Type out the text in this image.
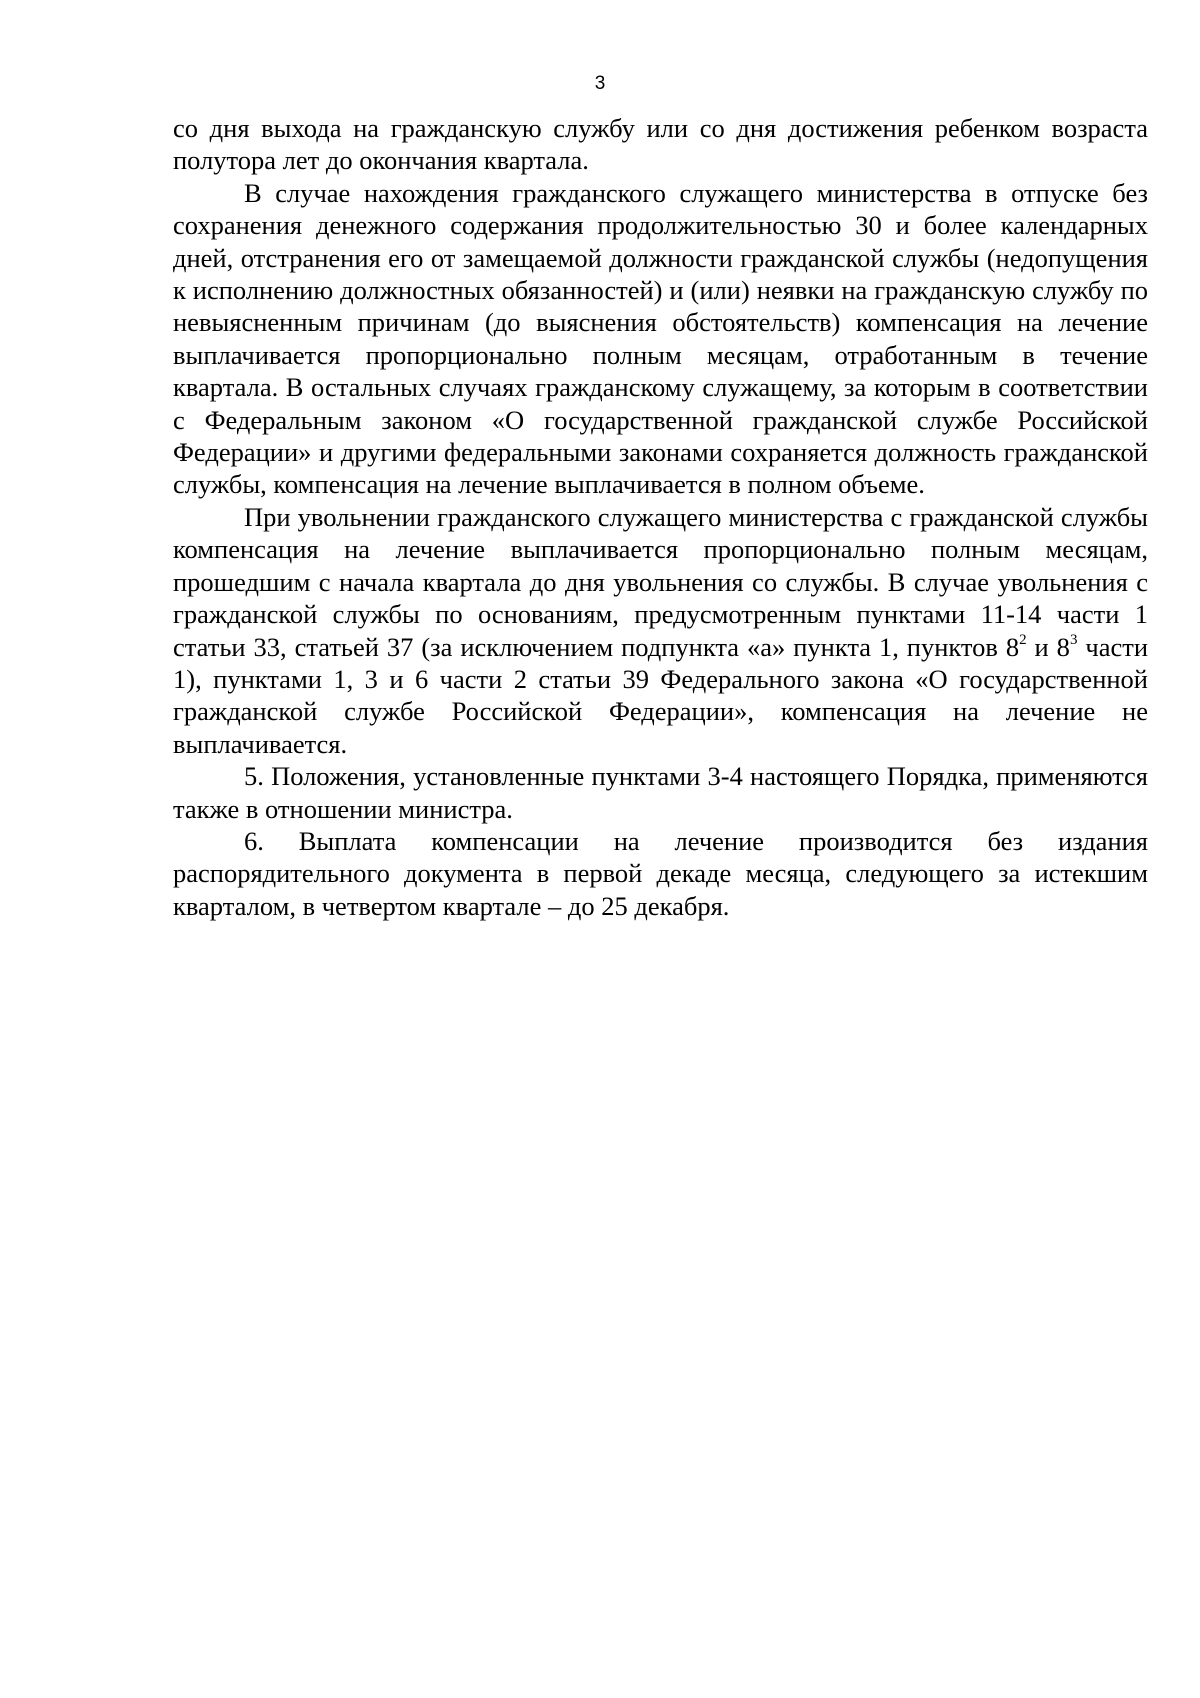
3

со дня выхода на гражданскую службу или со дня достижения ребенком возраста полутора лет до окончания квартала.

В случае нахождения гражданского служащего министерства в отпуске без сохранения денежного содержания продолжительностью 30 и более календарных дней, отстранения его от замещаемой должности гражданской службы (недопущения к исполнению должностных обязанностей) и (или) неявки на гражданскую службу по невыясненным причинам (до выяснения обстоятельств) компенсация на лечение выплачивается пропорционально полным месяцам, отработанным в течение квартала. В остальных случаях гражданскому служащему, за которым в соответствии с Федеральным законом «О государственной гражданской службе Российской Федерации» и другими федеральными законами сохраняется должность гражданской службы, компенсация на лечение выплачивается в полном объеме.

При увольнении гражданского служащего министерства с гражданской службы компенсация на лечение выплачивается пропорционально полным месяцам, прошедшим с начала квартала до дня увольнения со службы. В случае увольнения с гражданской службы по основаниям, предусмотренным пунктами 11-14 части 1 статьи 33, статьей 37 (за исключением подпункта «а» пункта 1, пунктов $8^2$ и $8^3$ части 1), пунктами 1, 3 и 6 части 2 статьи 39 Федерального закона «О государственной гражданской службе Российской Федерации», компенсация на лечение не выплачивается.

5. Положения, установленные пунктами 3-4 настоящего Порядка, применяются также в отношении министра.

6. Выплата компенсации на лечение производится без издания распорядительного документа в первой декаде месяца, следующего за истекшим кварталом, в четвертом квартале – до 25 декабря.
